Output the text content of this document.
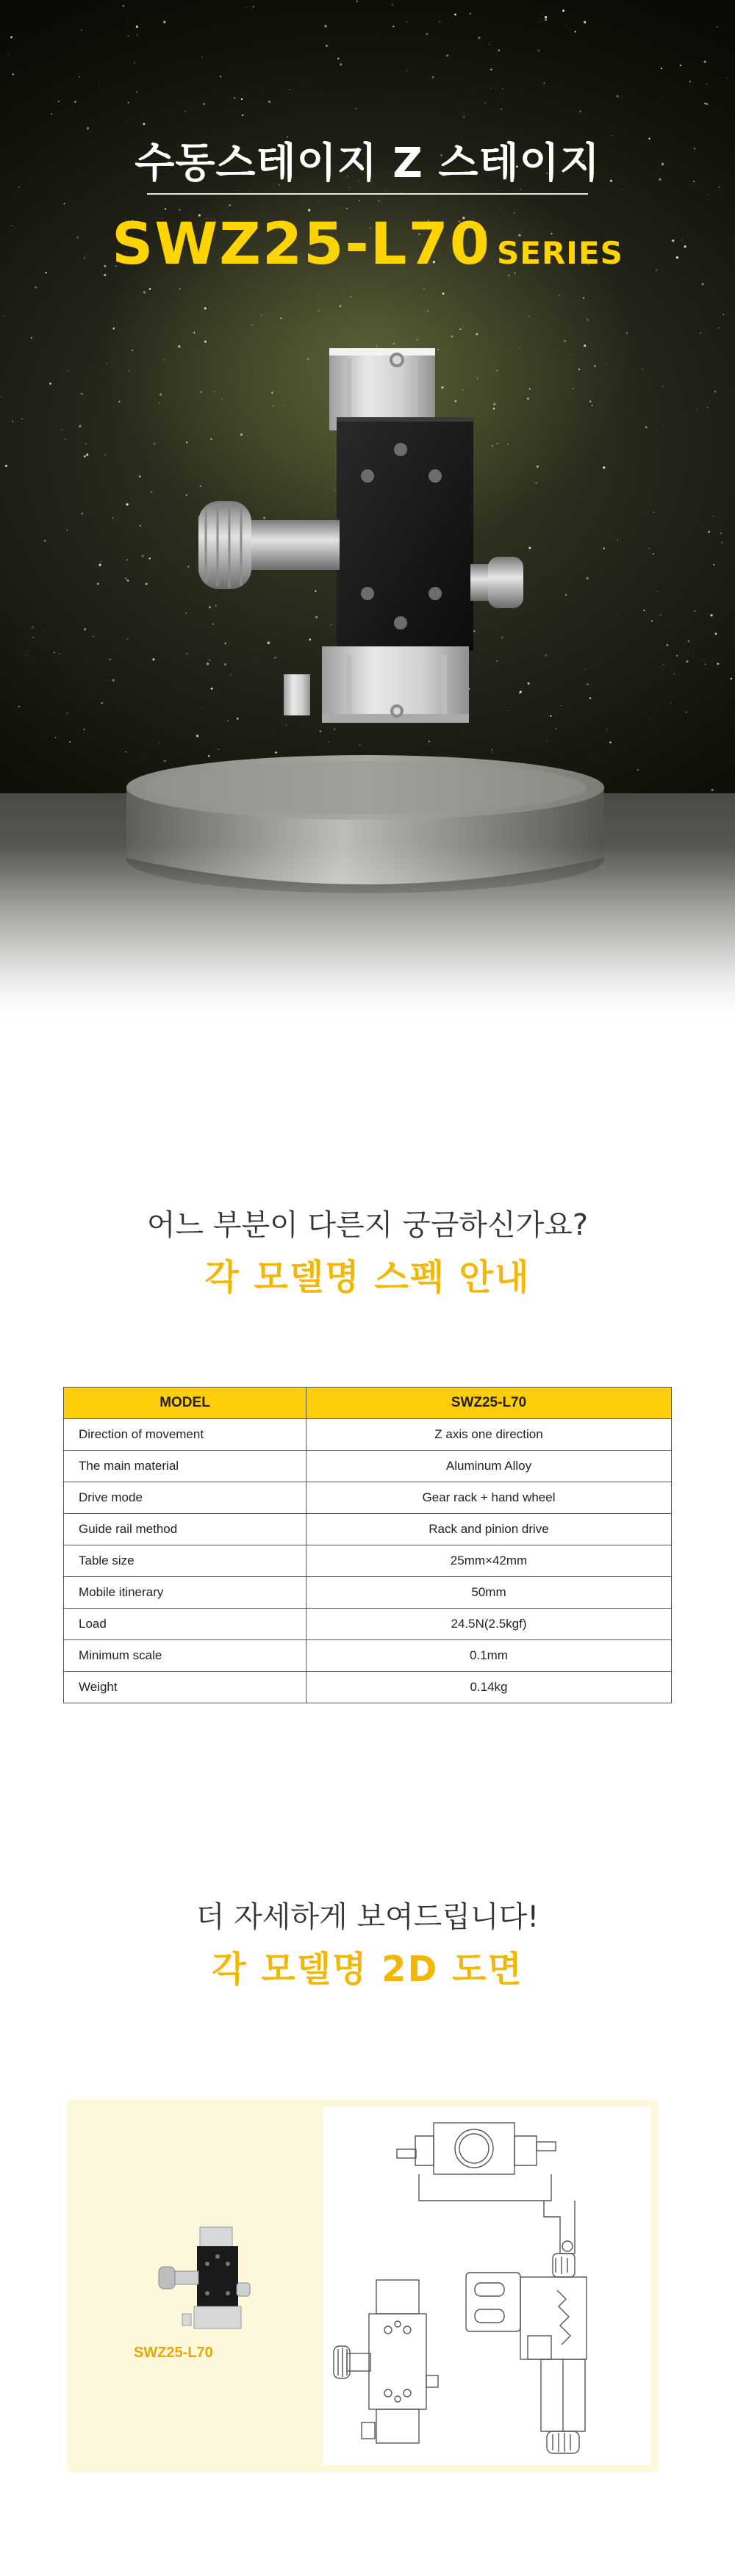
수동스테이지 Z 스테이지
SWZ25-L70 SERIES
어느 부분이 다른지 궁금하신가요?
각 모델명 스펙 안내
MODEL	SWZ25-L70
Direction of movement	Z axis one direction
The main material	Aluminum Alloy
Drive mode	Gear rack + hand wheel
Guide rail method	Rack and pinion drive
Table size	25mm×42mm
Mobile itinerary	50mm
Load	24.5N(2.5kgf)
Minimum scale	0.1mm
Weight	0.14kg
더 자세하게 보여드립니다!
각 모델명 2D 도면
SWZ25-L70
